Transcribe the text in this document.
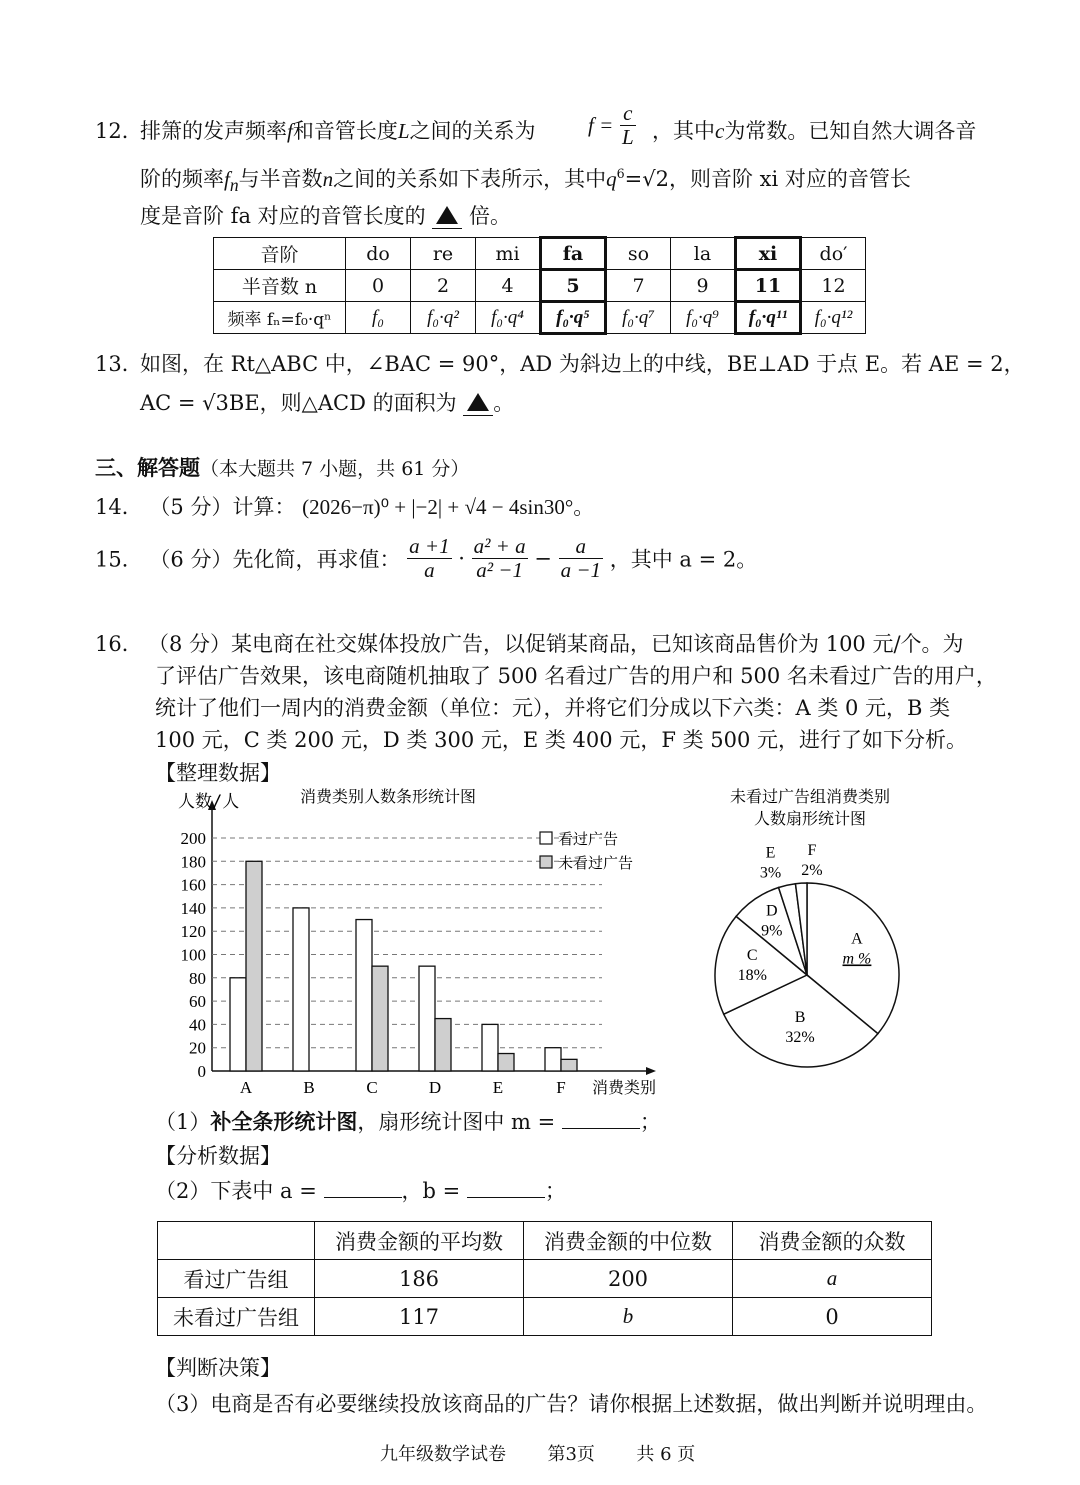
12．
排箫的发声频率f和音管长度L之间的关系为 $f = \frac{c}{L}$ ，其中c为常数。已知自然大调各音
阶的频率$f_n$与半音数n之间的关系如下表所示，其中$q^6=√2$，则音阶 xi 对应的音管长
度是音阶 fa 对应的音管长度的 倍。
音阶	do	re	mi	fa	so	la	xi	do′
半音数 n	0	2	4	5	7	9	11	12
频率 fₙ=f₀·qⁿ	f₀	f₀·q²	f₀·q⁴	f₀·q⁵	f₀·q⁷	f₀·q⁹	f₀·q¹¹	f₀·q¹²
13．
如图，在 Rt△ABC 中，∠BAC = 90°，AD 为斜边上的中线，BE⊥AD 于点 E。若 AE = 2，
AC = √3BE，则△ACD 的面积为 。
三、解答题（本大题共 7 小题，共 61 分）
14． （5 分）计算： (2026−π)⁰ + |−2| + √4 − 4sin30°。
15． （6 分）先化简，再求值： $\frac{a +1}{a} \cdot \frac{\text{a² + a}}{\text{a² −1}} - \frac{a}{a -1}$ ，其中 a = 2。
16． （8 分）某电商在社交媒体投放广告，以促销某商品，已知该商品售价为 100 元/个。为
了评估广告效果，该电商随机抽取了 500 名看过广告的用户和 500 名未看过广告的用户，
统计了他们一周内的消费金额（单位：元），并将它们分成以下六类：A 类 0 元，B 类
100 元，C 类 200 元，D 类 300 元，E 类 400 元，F 类 500 元，进行了如下分析。
【整理数据】
0
20
40
60
80
100
120
140
160
180
200
人数/人	消费类别人数条形统计图
消费类别
A	B	C	D	E	F
看过广告
未看过广告
未看过广告组消费类别
人数扇形统计图
A
m %
B
32%
C
18%
D
9%
E
3%
F
2%
（1）补全条形统计图，扇形统计图中 m =	；
【分析数据】
（2）下表中 a =	，b =	；
	消费金额的平均数	消费金额的中位数	消费金额的众数
看过广告组	186	200	a
未看过广告组	117	b	0
【判断决策】
（3）电商是否有必要继续投放该商品的广告？请你根据上述数据，做出判断并说明理由。
九年级数学试卷 第3页 共 6 页
